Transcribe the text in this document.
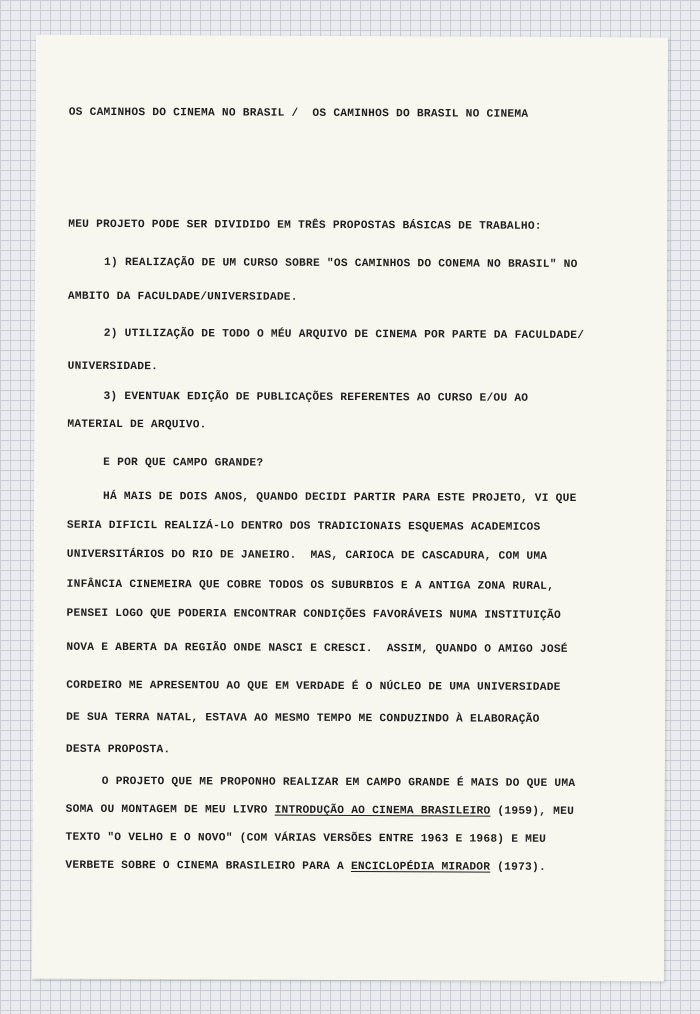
OS CAMINHOS DO CINEMA NO BRASIL /  OS CAMINHOS DO BRASIL NO CINEMA
MEU PROJETO PODE SER DIVIDIDO EM TRÊS PROPOSTAS BÁSICAS DE TRABALHO:
1) REALIZAÇÃO DE UM CURSO SOBRE "OS CAMINHOS DO CONEMA NO BRASIL" NO
AMBITO DA FACULDADE/UNIVERSIDADE.
2) UTILIZAÇÃO DE TODO O MÉU ARQUIVO DE CINEMA POR PARTE DA FACULDADE/
UNIVERSIDADE.
3) EVENTUAK EDIÇÃO DE PUBLICAÇÕES REFERENTES AO CURSO E/OU AO
MATERIAL DE ARQUIVO.
E POR QUE CAMPO GRANDE?
HÁ MAIS DE DOIS ANOS, QUANDO DECIDI PARTIR PARA ESTE PROJETO, VI QUE
SERIA DIFICIL REALIZÁ-LO DENTRO DOS TRADICIONAIS ESQUEMAS ACADEMICOS
UNIVERSITÁRIOS DO RIO DE JANEIRO.  MAS, CARIOCA DE CASCADURA, COM UMA
INFÂNCIA CINEMEIRA QUE COBRE TODOS OS SUBURBIOS E A ANTIGA ZONA RURAL,
PENSEI LOGO QUE PODERIA ENCONTRAR CONDIÇÕES FAVORÁVEIS NUMA INSTITUIÇÃO
NOVA E ABERTA DA REGIÃO ONDE NASCI E CRESCI.  ASSIM, QUANDO O AMIGO JOSÉ
CORDEIRO ME APRESENTOU AO QUE EM VERDADE É O NÚCLEO DE UMA UNIVERSIDADE
DE SUA TERRA NATAL, ESTAVA AO MESMO TEMPO ME CONDUZINDO À ELABORAÇÃO
DESTA PROPOSTA.
O PROJETO QUE ME PROPONHO REALIZAR EM CAMPO GRANDE É MAIS DO QUE UMA
SOMA OU MONTAGEM DE MEU LIVRO INTRODUÇÃO AO CINEMA BRASILEIRO (1959), MEU
TEXTO "O VELHO E O NOVO" (COM VÁRIAS VERSÕES ENTRE 1963 E 1968) E MEU
VERBETE SOBRE O CINEMA BRASILEIRO PARA A ENCICLOPÉDIA MIRADOR (1973).
